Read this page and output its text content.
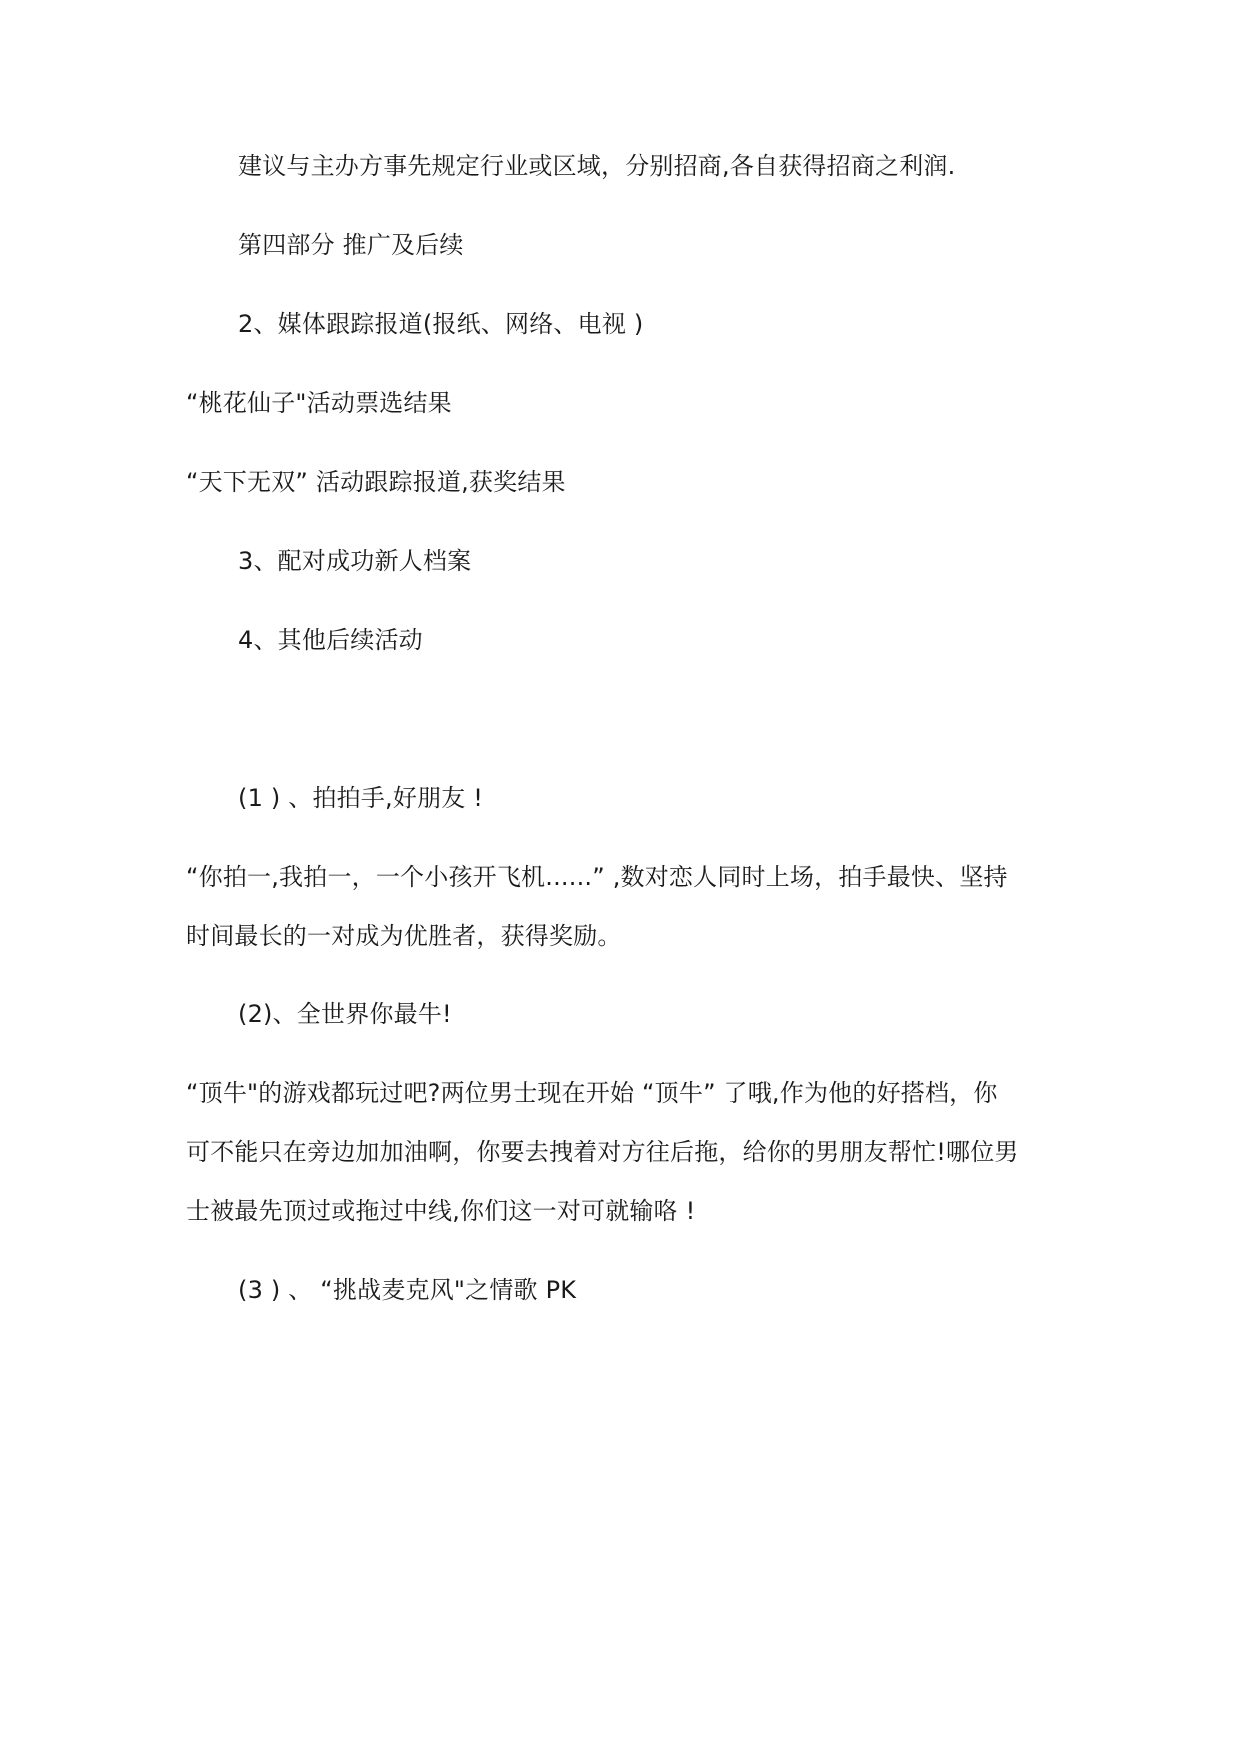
建议与主办方事先规定行业或区域，分别招商,各自获得招商之利润.
第四部分 推广及后续
2、媒体跟踪报道(报纸、网络、电视 )
“桃花仙子"活动票选结果
“天下无双” 活动跟踪报道,获奖结果
3、配对成功新人档案
4、其他后续活动
(1 ) 、拍拍手,好朋友 !
“你拍一,我拍一，一个小孩开飞机......” ,数对恋人同时上场，拍手最快、坚持
时间最长的一对成为优胜者，获得奖励。
(2)、全世界你最牛!
“顶牛"的游戏都玩过吧?两位男士现在开始 “顶牛” 了哦,作为他的好搭档，你
可不能只在旁边加加油啊，你要去拽着对方往后拖，给你的男朋友帮忙!哪位男
士被最先顶过或拖过中线,你们这一对可就输咯 !
(3 ) 、 “挑战麦克风"之情歌 PK
